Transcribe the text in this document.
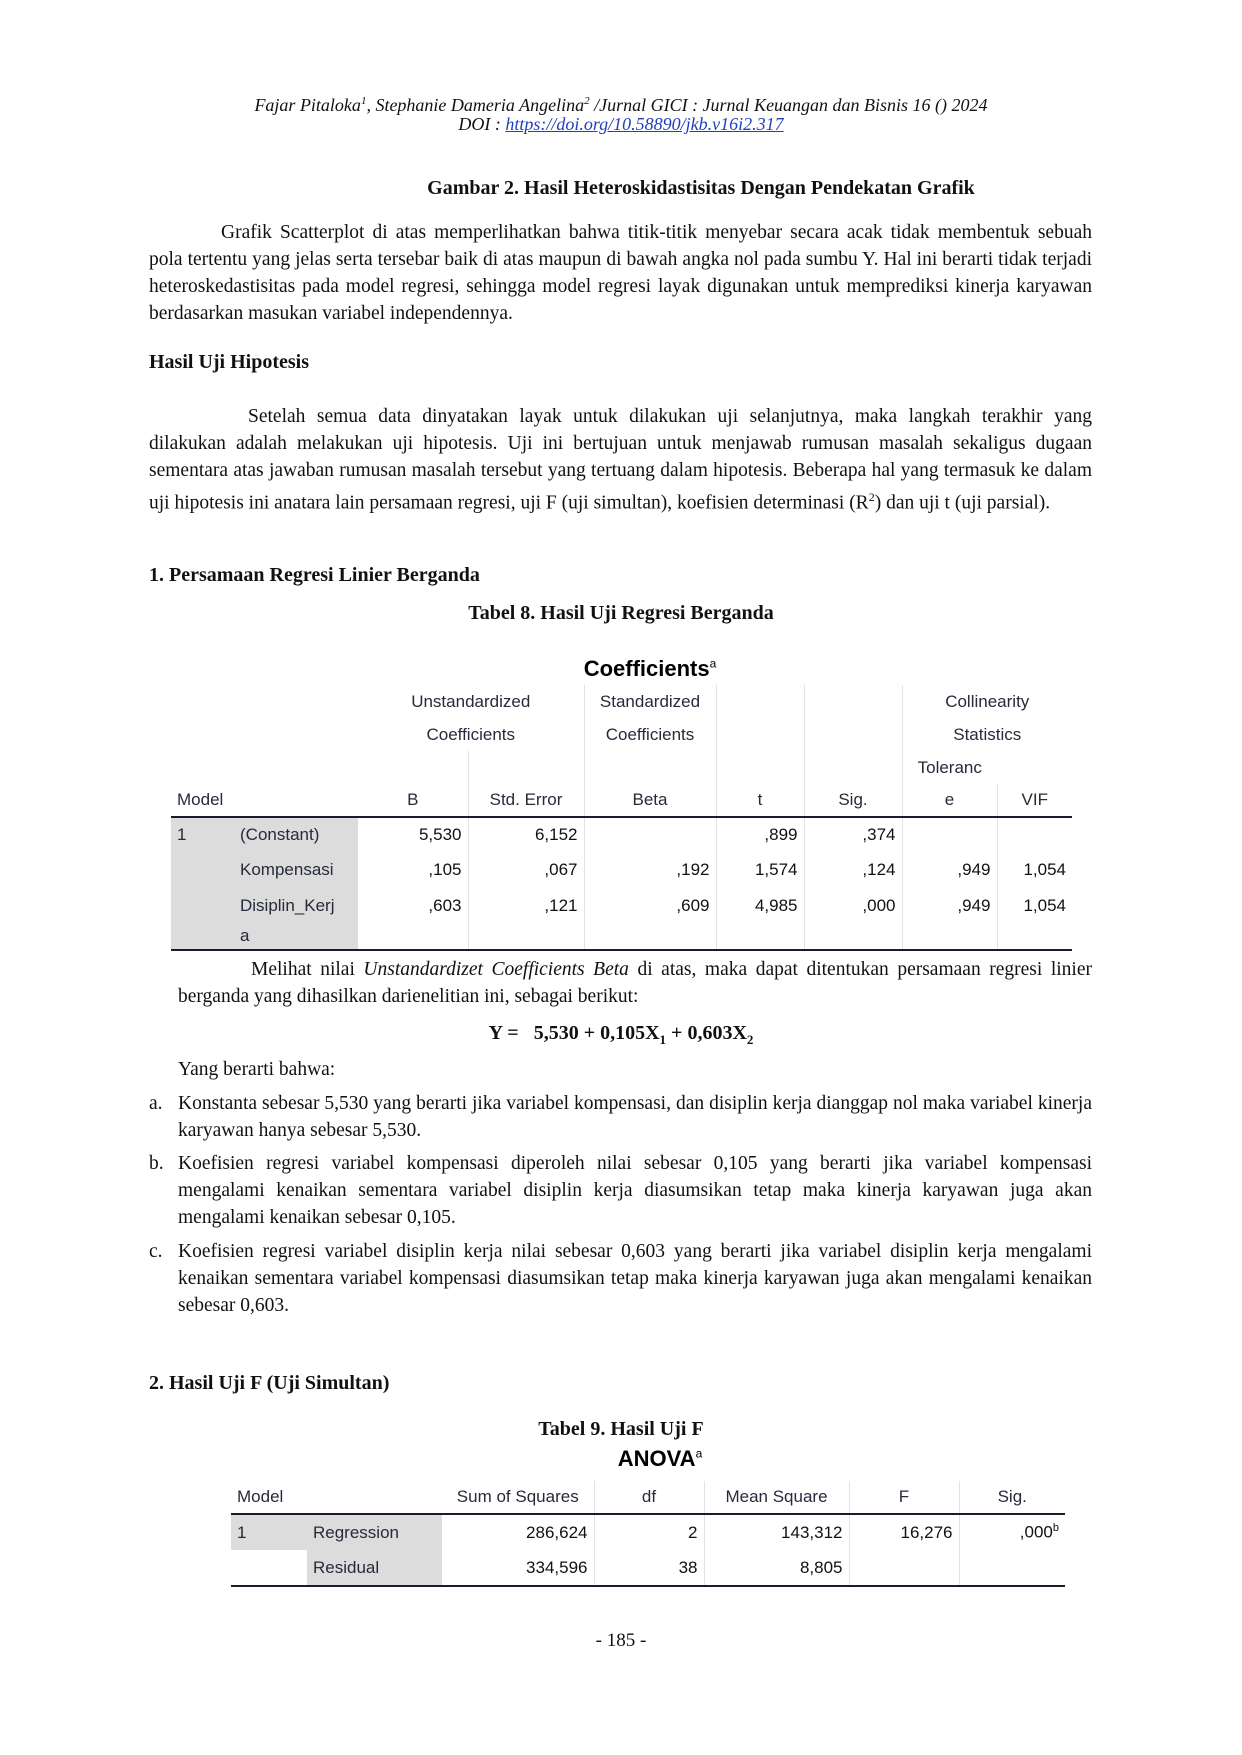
Fajar Pitaloka$^1$, Stephanie Dameria Angelina$^2$ /Jurnal GICI : Jurnal Keuangan dan Bisnis 16 () 2024
DOI : https://doi.org/10.58890/jkb.v16i2.317
Gambar 2. Hasil Heteroskidastisitas Dengan Pendekatan Grafik
Grafik Scatterplot di atas memperlihatkan bahwa titik-titik menyebar secara acak tidak membentuk sebuah pola tertentu yang jelas serta tersebar baik di atas maupun di bawah angka nol pada sumbu Y. Hal ini berarti tidak terjadi heteroskedastisitas pada model regresi, sehingga model regresi layak digunakan untuk memprediksi kinerja karyawan berdasarkan masukan variabel independennya.
Hasil Uji Hipotesis
Setelah semua data dinyatakan layak untuk dilakukan uji selanjutnya, maka langkah terakhir yang dilakukan adalah melakukan uji hipotesis. Uji ini bertujuan untuk menjawab rumusan masalah sekaligus dugaan sementara atas jawaban rumusan masalah tersebut yang tertuang dalam hipotesis. Beberapa hal yang termasuk ke dalam uji hipotesis ini anatara lain persamaan regresi, uji F (uji simultan), koefisien determinasi $(R^2)$ dan uji t (uji parsial).
1. Persamaan Regresi Linier Berganda
Tabel 8. Hasil Uji Regresi Berganda
Coefficients$^a$
		Unstandardized		Standardized			Collinearity	
		Coefficients		Coefficients			Statistics	
							Toleranc	
Model		B	Std. Error	Beta	t	Sig.	e	VIF
1	(Constant)	5,530	6,152		,899	,374		
	Kompensasi	,105	,067	,192	1,574	,124	,949	1,054
	Disiplin_Kerj	,603	,121	,609	4,985	,000	,949	1,054
	a							
Melihat nilai Unstandardizet Coefficients Beta di atas, maka dapat ditentukan persamaan regresi linier berganda yang dihasilkan darienelitian ini, sebagai berikut:
$Y = 5,530 + 0,105X_1 + 0,603X_2$
Yang berarti bahwa:
a. Konstanta sebesar 5,530 yang berarti jika variabel kompensasi, dan disiplin kerja dianggap nol maka variabel kinerja karyawan hanya sebesar 5,530.
b. Koefisien regresi variabel kompensasi diperoleh nilai sebesar 0,105 yang berarti jika variabel kompensasi mengalami kenaikan sementara variabel disiplin kerja diasumsikan tetap maka kinerja karyawan juga akan mengalami kenaikan sebesar 0,105.
c. Koefisien regresi variabel disiplin kerja nilai sebesar 0,603 yang berarti jika variabel disiplin kerja mengalami kenaikan sementara variabel kompensasi diasumsikan tetap maka kinerja karyawan juga akan mengalami kenaikan sebesar 0,603.
2. Hasil Uji F (Uji Simultan)
Tabel 9. Hasil Uji F
ANOVA$^a$
Model		Sum of Squares	df	Mean Square	F	Sig.
1	Regression	286,624	2	143,312	16,276	,000$^b$
	Residual	334,596	38	8,805		
- 185 -
